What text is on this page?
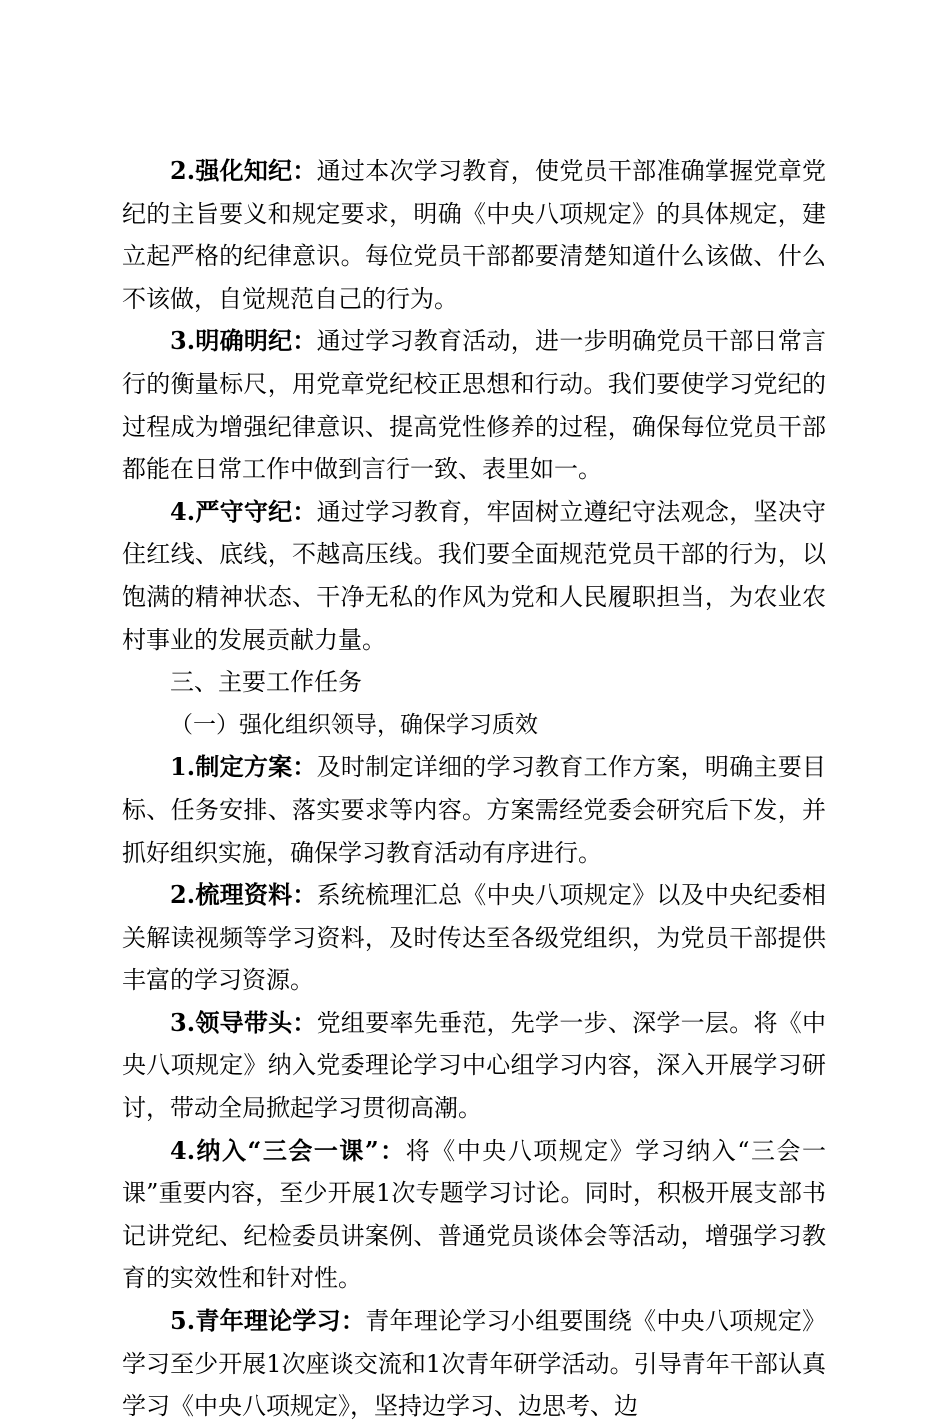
2.强化知纪：通过本次学习教育，使党员干部准确掌握党章党纪的主旨要义和规定要求，明确《中央八项规定》的具体规定，建立起严格的纪律意识。每位党员干部都要清楚知道什么该做、什么不该做，自觉规范自己的行为。

3.明确明纪：通过学习教育活动，进一步明确党员干部日常言行的衡量标尺，用党章党纪校正思想和行动。我们要使学习党纪的过程成为增强纪律意识、提高党性修养的过程，确保每位党员干部都能在日常工作中做到言行一致、表里如一。

4.严守守纪：通过学习教育，牢固树立遵纪守法观念，坚决守住红线、底线，不越高压线。我们要全面规范党员干部的行为，以饱满的精神状态、干净无私的作风为党和人民履职担当，为农业农村事业的发展贡献力量。

三、主要工作任务

（一）强化组织领导，确保学习质效

1.制定方案：及时制定详细的学习教育工作方案，明确主要目标、任务安排、落实要求等内容。方案需经党委会研究后下发，并抓好组织实施，确保学习教育活动有序进行。

2.梳理资料：系统梳理汇总《中央八项规定》以及中央纪委相关解读视频等学习资料，及时传达至各级党组织，为党员干部提供丰富的学习资源。

3.领导带头：党组要率先垂范，先学一步、深学一层。将《中央八项规定》纳入党委理论学习中心组学习内容，深入开展学习研讨，带动全局掀起学习贯彻高潮。

4.纳入“三会一课”：将《中央八项规定》学习纳入“三会一课”重要内容，至少开展1次专题学习讨论。同时，积极开展支部书记讲党纪、纪检委员讲案例、普通党员谈体会等活动，增强学习教育的实效性和针对性。

5.青年理论学习：青年理论学习小组要围绕《中央八项规定》学习至少开展1次座谈交流和1次青年研学活动。引导青年干部认真学习《中央八项规定》，坚持边学习、边思考、边
